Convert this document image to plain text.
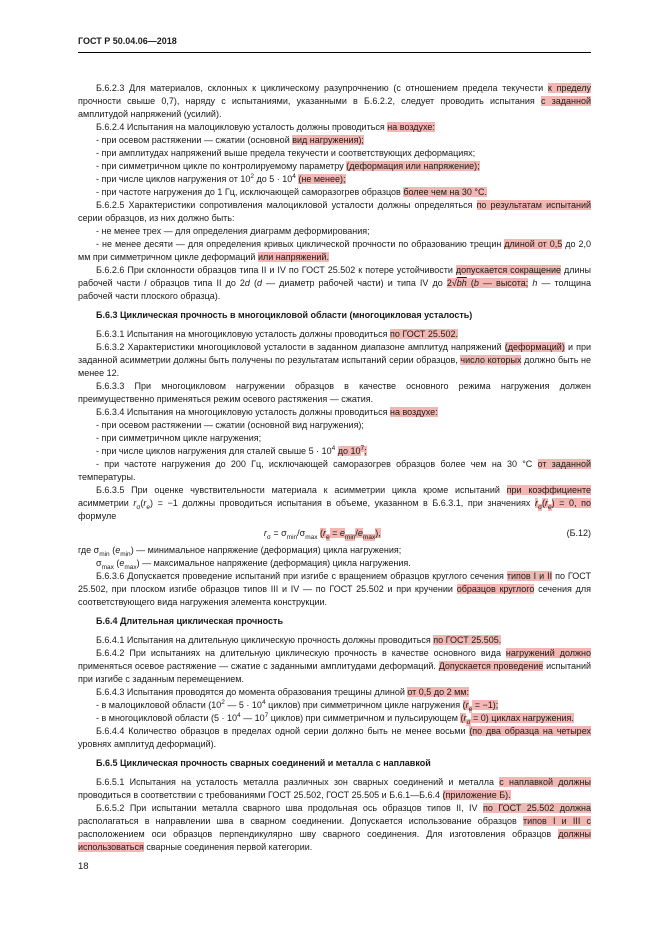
ГОСТ Р 50.04.06—2018

Б.6.2.3 Для материалов, склонных к циклическому разупрочнению (с отношением предела текучести к пределу прочности свыше 0,7), наряду с испытаниями, указанными в Б.6.2.2, следует проводить испытания с заданной амплитудой напряжений (усилий).

Б.6.2.4 Испытания на малоцикловую усталость должны проводиться на воздухе:

- при осевом растяжении — сжатии (основной вид нагружения);

- при амплитудах напряжений выше предела текучести и соответствующих деформациях;

- при симметричном цикле по контролируемому параметру (деформация или напряжение);

- при числе циклов нагружения от $10^2$ до $5 \cdot 10^4$ (не менее);

- при частоте нагружения до 1 Гц, исключающей саморазогрев образцов более чем на 30 °C.

Б.6.2.5 Характеристики сопротивления малоцикловой усталости должны определяться по результатам испытаний серии образцов, из них должно быть:

- не менее трех — для определения диаграмм деформирования;

- не менее десяти — для определения кривых циклической прочности по образованию трещин длиной от 0,5 до 2,0 мм при симметричном цикле деформаций или напряжений.

Б.6.2.6 При склонности образцов типа II и IV по ГОСТ 25.502 к потере устойчивости допускается сокращение длины рабочей части l образцов типа II до 2d (d — диаметр рабочей части) и типа IV до 2√bh (b — высота; h — толщина рабочей части плоского образца).

Б.6.3 Циклическая прочность в многоцикловой области (многоцикловая усталость)

Б.6.3.1 Испытания на многоцикловую усталость должны проводиться по ГОСТ 25.502.

Б.6.3.2 Характеристики многоцикловой усталости в заданном диапазоне амплитуд напряжений (деформаций) и при заданной асимметрии должны быть получены по результатам испытаний серии образцов, число которых должно быть не менее 12.

Б.6.3.3 При многоцикловом нагружении образцов в качестве основного режима нагружения должен преимущественно применяться режим осевого растяжения — сжатия.

Б.6.3.4 Испытания на многоцикловую усталость должны проводиться на воздухе:

- при осевом растяжении — сжатии (основной вид нагружения);

- при симметричном цикле нагружения;

- при числе циклов нагружения для сталей свыше $5 \cdot 10^4$ до $10^7$;

- при частоте нагружения до 200 Гц, исключающей саморазогрев образцов более чем на 30 °C от заданной температуры.

Б.6.3.5 При оценке чувствительности материала к асимметрии цикла кроме испытаний при коэффициенте асимметрии $r_\sigma(r_e) = -1$ должны проводиться испытания в объеме, указанном в Б.6.3.1, при значениях $r_\sigma(r_e) = 0$, по формуле

$r_\sigma = \sigma_{min}/\sigma_{max}$ $(r_e = e_{min}/e_{max})$,	(Б.12)

где $\sigma_{min}$ $(e_{min})$ — минимальное напряжение (деформация) цикла нагружения;

$\sigma_{max}$ $(e_{max})$ — максимальное напряжение (деформация) цикла нагружения.

Б.6.3.6 Допускается проведение испытаний при изгибе с вращением образцов круглого сечения типов I и II по ГОСТ 25.502, при плоском изгибе образцов типов III и IV — по ГОСТ 25.502 и при кручении образцов круглого сечения для соответствующего вида нагружения элемента конструкции.

Б.6.4 Длительная циклическая прочность

Б.6.4.1 Испытания на длительную циклическую прочность должны проводиться по ГОСТ 25.505.

Б.6.4.2 При испытаниях на длительную циклическую прочность в качестве основного вида нагружений должно применяться осевое растяжение — сжатие с заданными амплитудами деформаций. Допускается проведение испытаний при изгибе с заданным перемещением.

Б.6.4.3 Испытания проводятся до момента образования трещины длиной от 0,5 до 2 мм:

- в малоцикловой области ($10^2$ — $5 \cdot 10^4$ циклов) при симметричном цикле нагружения $(r_e = -1)$;

- в многоцикловой области ($5 \cdot 10^4$ — $10^7$ циклов) при симметричном и пульсирующем $(r_\sigma = 0)$ циклах нагружения.

Б.6.4.4 Количество образцов в пределах одной серии должно быть не менее восьми (по два образца на четырех уровнях амплитуд деформаций).

Б.6.5 Циклическая прочность сварных соединений и металла с наплавкой

Б.6.5.1 Испытания на усталость металла различных зон сварных соединений и металла с наплавкой должны проводиться в соответствии с требованиями ГОСТ 25.502, ГОСТ 25.505 и Б.6.1—Б.6.4 (приложение Б).

Б.6.5.2 При испытании металла сварного шва продольная ось образцов типов II, IV по ГОСТ 25.502 должна располагаться в направлении шва в сварном соединении. Допускается использование образцов типов I и III с расположением оси образцов перпендикулярно шву сварного соединения. Для изготовления образцов должны использоваться сварные соединения первой категории.

18
